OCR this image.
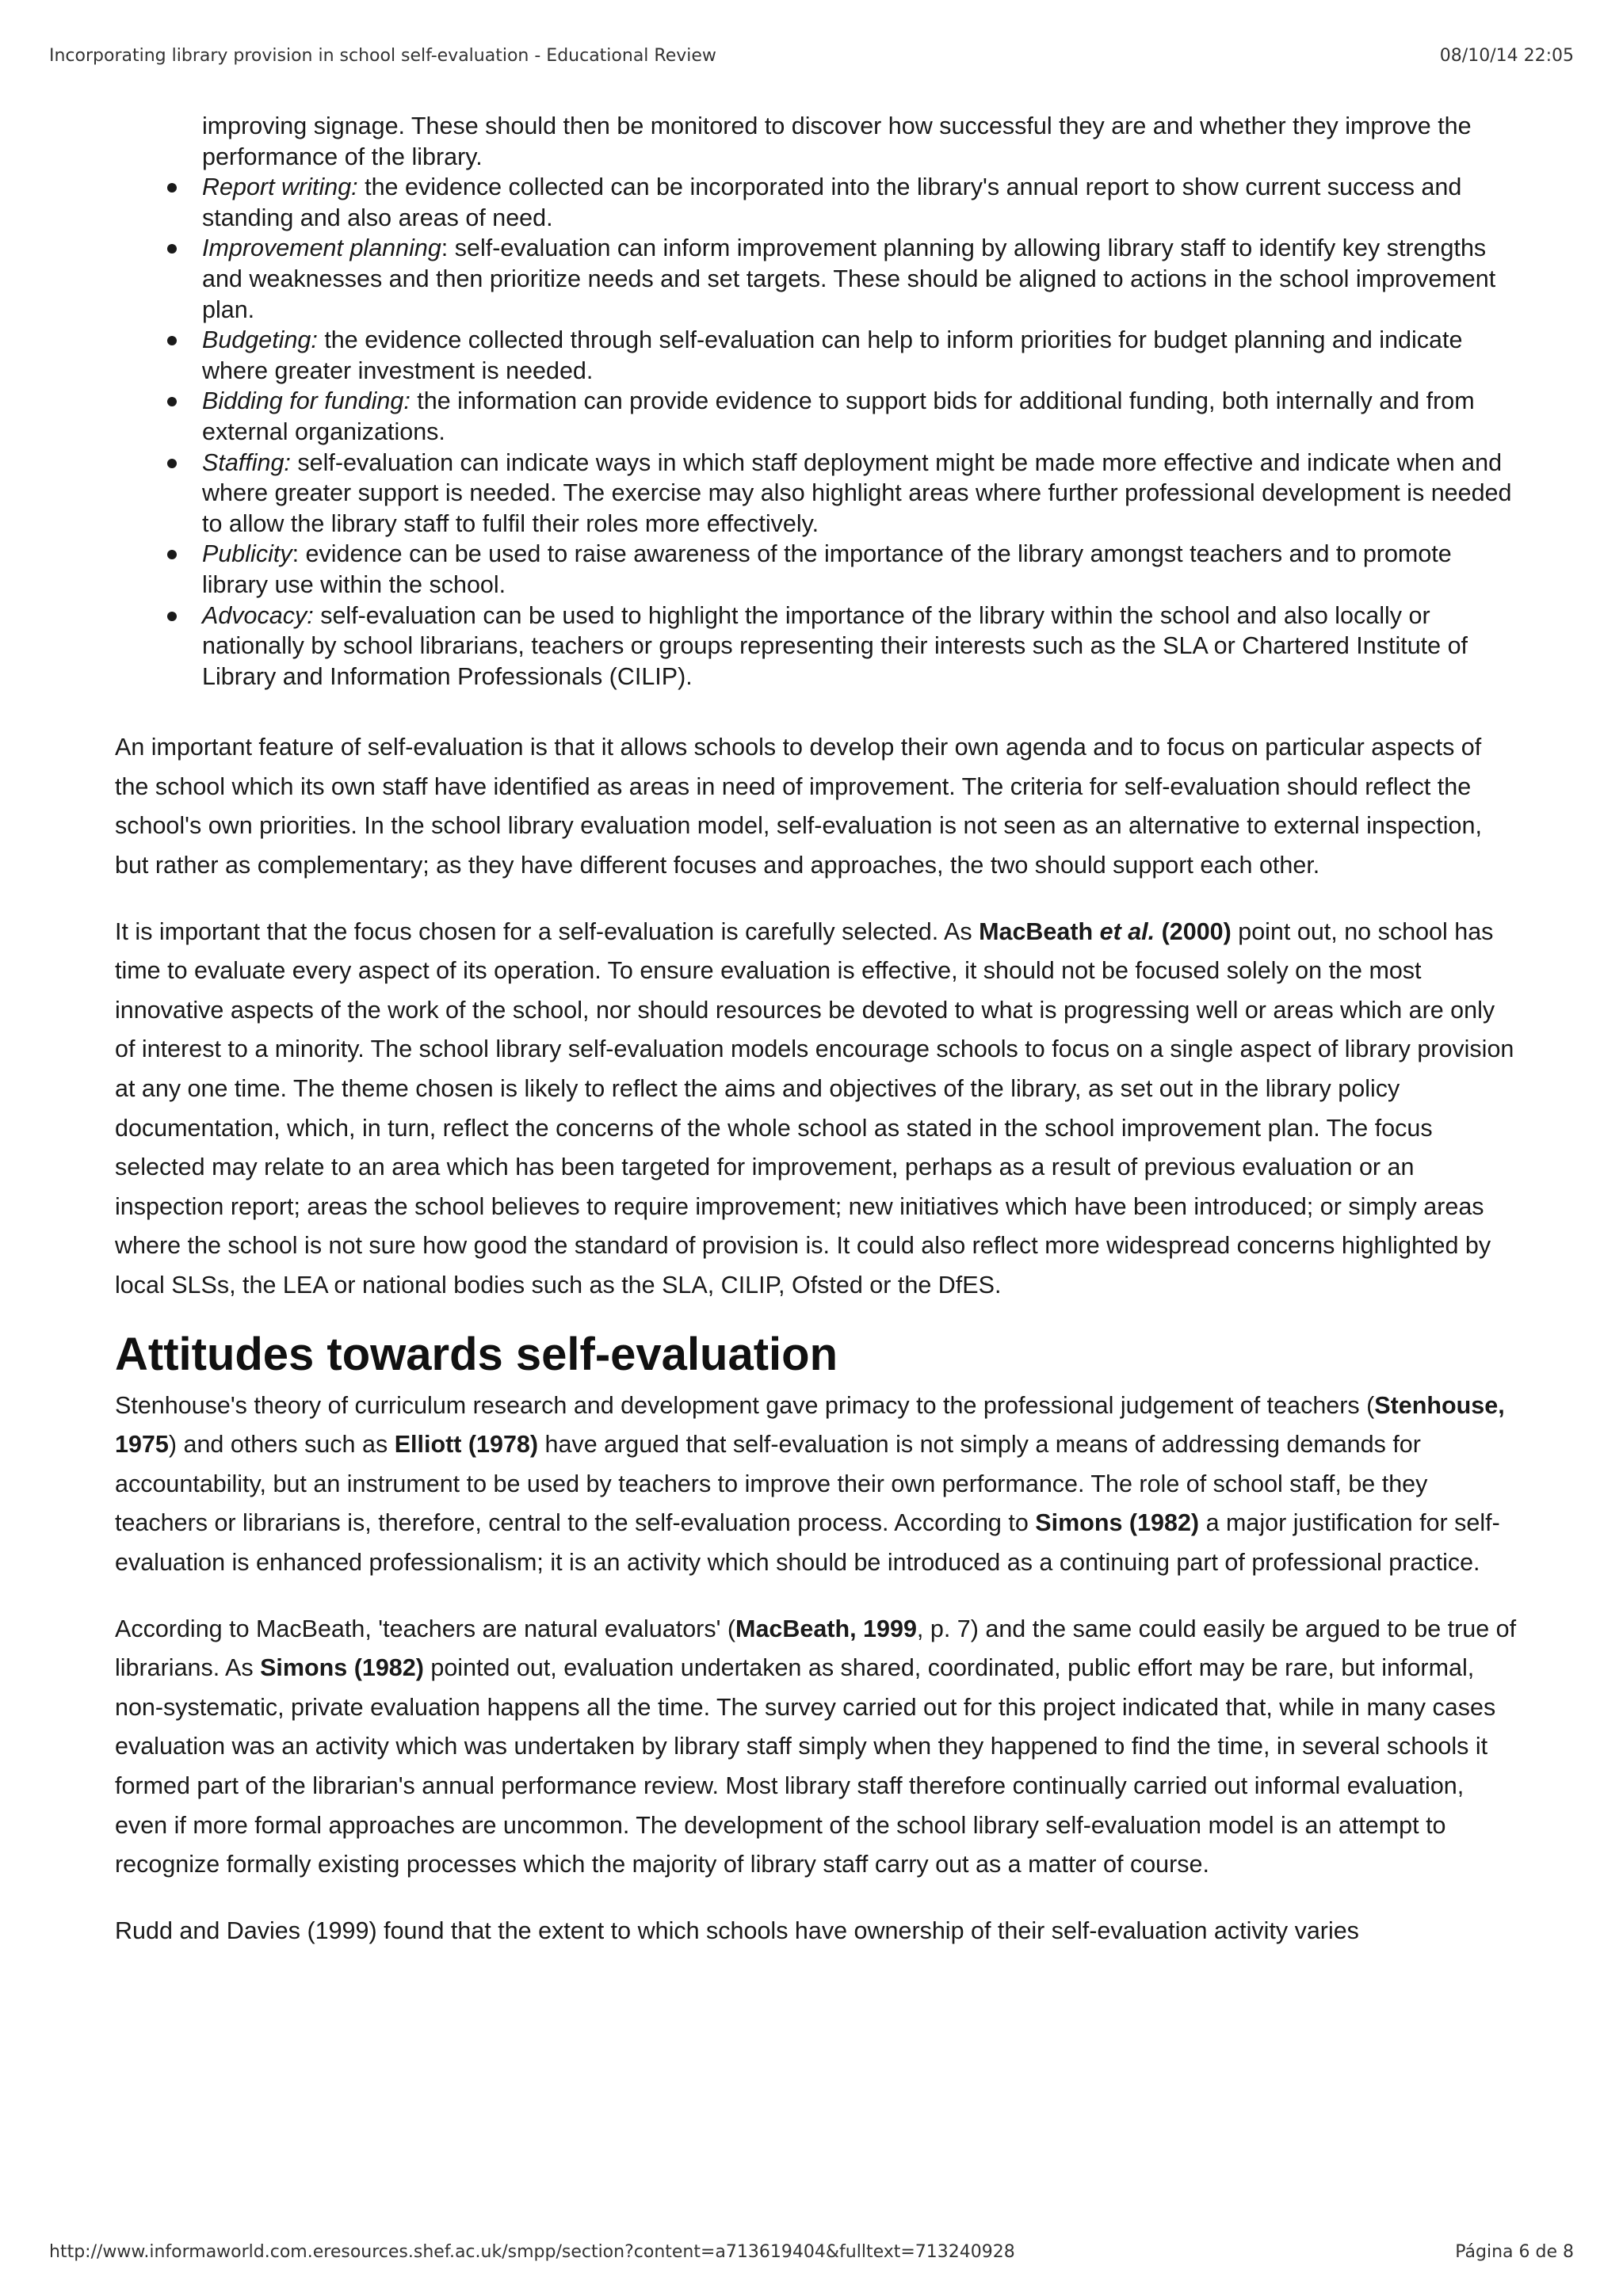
Incorporating library provision in school self-evaluation - Educational Review	08/10/14 22:05

improving signage. These should then be monitored to discover how successful they are and whether they improve the performance of the library.

Report writing: the evidence collected can be incorporated into the library's annual report to show current success and standing and also areas of need.
Improvement planning: self-evaluation can inform improvement planning by allowing library staff to identify key strengths and weaknesses and then prioritize needs and set targets. These should be aligned to actions in the school improvement plan.
Budgeting: the evidence collected through self-evaluation can help to inform priorities for budget planning and indicate where greater investment is needed.
Bidding for funding: the information can provide evidence to support bids for additional funding, both internally and from external organizations.
Staffing: self-evaluation can indicate ways in which staff deployment might be made more effective and indicate when and where greater support is needed. The exercise may also highlight areas where further professional development is needed to allow the library staff to fulfil their roles more effectively.
Publicity: evidence can be used to raise awareness of the importance of the library amongst teachers and to promote library use within the school.
Advocacy: self-evaluation can be used to highlight the importance of the library within the school and also locally or nationally by school librarians, teachers or groups representing their interests such as the SLA or Chartered Institute of Library and Information Professionals (CILIP).

An important feature of self-evaluation is that it allows schools to develop their own agenda and to focus on particular aspects of the school which its own staff have identified as areas in need of improvement. The criteria for self-evaluation should reflect the school's own priorities. In the school library evaluation model, self-evaluation is not seen as an alternative to external inspection, but rather as complementary; as they have different focuses and approaches, the two should support each other.

It is important that the focus chosen for a self-evaluation is carefully selected. As MacBeath et al. (2000) point out, no school has time to evaluate every aspect of its operation. To ensure evaluation is effective, it should not be focused solely on the most innovative aspects of the work of the school, nor should resources be devoted to what is progressing well or areas which are only of interest to a minority. The school library self-evaluation models encourage schools to focus on a single aspect of library provision at any one time. The theme chosen is likely to reflect the aims and objectives of the library, as set out in the library policy documentation, which, in turn, reflect the concerns of the whole school as stated in the school improvement plan. The focus selected may relate to an area which has been targeted for improvement, perhaps as a result of previous evaluation or an inspection report; areas the school believes to require improvement; new initiatives which have been introduced; or simply areas where the school is not sure how good the standard of provision is. It could also reflect more widespread concerns highlighted by local SLSs, the LEA or national bodies such as the SLA, CILIP, Ofsted or the DfES.

Attitudes towards self-evaluation

Stenhouse's theory of curriculum research and development gave primacy to the professional judgement of teachers (Stenhouse, 1975) and others such as Elliott (1978) have argued that self-evaluation is not simply a means of addressing demands for accountability, but an instrument to be used by teachers to improve their own performance. The role of school staff, be they teachers or librarians is, therefore, central to the self-evaluation process. According to Simons (1982) a major justification for self-evaluation is enhanced professionalism; it is an activity which should be introduced as a continuing part of professional practice.

According to MacBeath, 'teachers are natural evaluators' (MacBeath, 1999, p. 7) and the same could easily be argued to be true of librarians. As Simons (1982) pointed out, evaluation undertaken as shared, coordinated, public effort may be rare, but informal, non-systematic, private evaluation happens all the time. The survey carried out for this project indicated that, while in many cases evaluation was an activity which was undertaken by library staff simply when they happened to find the time, in several schools it formed part of the librarian's annual performance review. Most library staff therefore continually carried out informal evaluation, even if more formal approaches are uncommon. The development of the school library self-evaluation model is an attempt to recognize formally existing processes which the majority of library staff carry out as a matter of course.

Rudd and Davies (1999) found that the extent to which schools have ownership of their self-evaluation activity varies

http://www.informaworld.com.eresources.shef.ac.uk/smpp/section?content=a713619404&fulltext=713240928	Página 6 de 8
